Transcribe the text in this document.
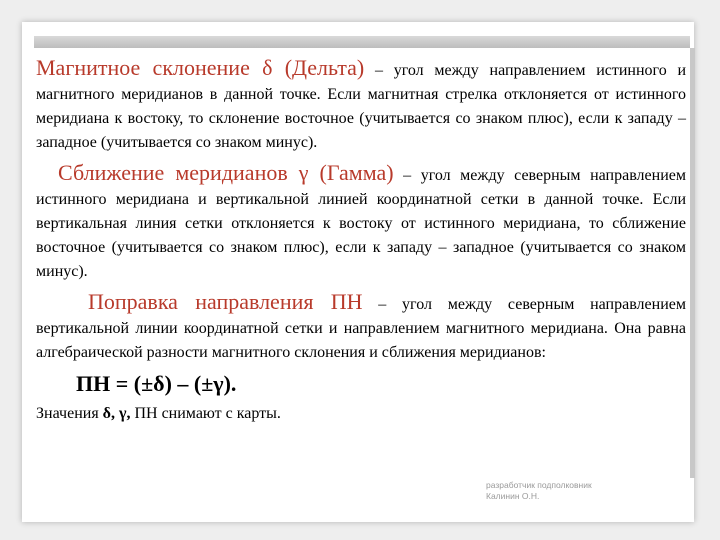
Магнитное склонение δ (Дельта) – угол между направлением истинного и магнитного меридианов в данной точке. Если магнитная стрелка отклоняется от истинного меридиана к востоку, то склонение восточное (учитывается со знаком плюс), если к западу – западное (учитывается со знаком минус).

Сближение меридианов γ (Гамма) – угол между северным направлением истинного меридиана и вертикальной линией координатной сетки в данной точке. Если вертикальная линия сетки отклоняется к востоку от истинного меридиана, то сближение восточное (учитывается со знаком плюс), если к западу – западное (учитывается со знаком минус).

Поправка направления ПН – угол между северным направлением вертикальной линии координатной сетки и направлением магнитного меридиана. Она равна алгебраической разности магнитного склонения и сближения меридианов:

ПН = (±δ) – (±γ).
Значения δ, γ, ПН снимают с карты.
разработчик подполковник
Калинин О.Н.
